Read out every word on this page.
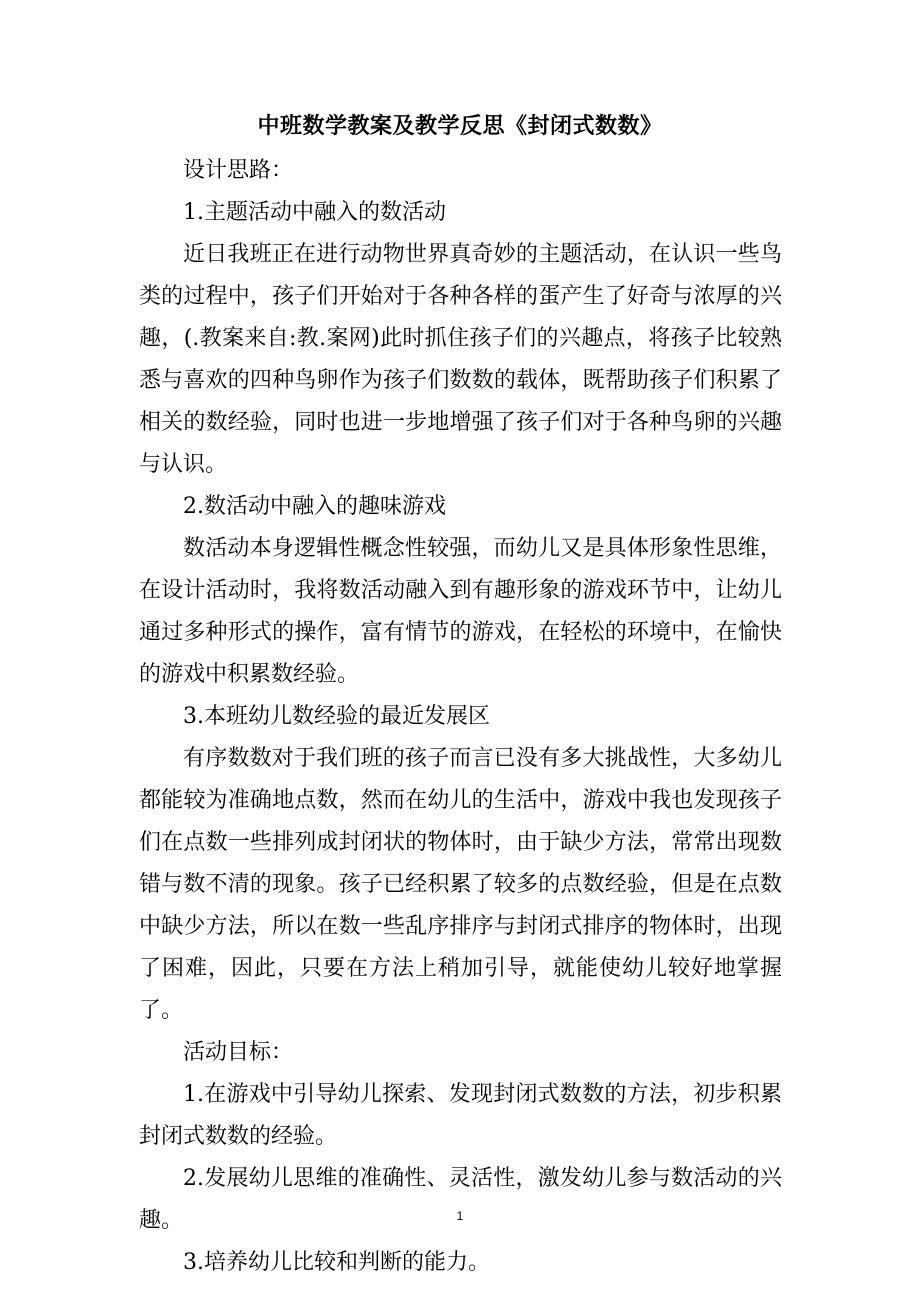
中班数学教案及教学反思《封闭式数数》

设计思路：

1.主题活动中融入的数活动

近日我班正在进行动物世界真奇妙的主题活动，在认识一些鸟类的过程中，孩子们开始对于各种各样的蛋产生了好奇与浓厚的兴趣，(.教案来自:教.案网)此时抓住孩子们的兴趣点，将孩子比较熟悉与喜欢的四种鸟卵作为孩子们数数的载体，既帮助孩子们积累了相关的数经验，同时也进一步地增强了孩子们对于各种鸟卵的兴趣与认识。

2.数活动中融入的趣味游戏

数活动本身逻辑性概念性较强，而幼儿又是具体形象性思维，在设计活动时，我将数活动融入到有趣形象的游戏环节中，让幼儿通过多种形式的操作，富有情节的游戏，在轻松的环境中，在愉快的游戏中积累数经验。

3.本班幼儿数经验的最近发展区

有序数数对于我们班的孩子而言已没有多大挑战性，大多幼儿都能较为准确地点数，然而在幼儿的生活中，游戏中我也发现孩子们在点数一些排列成封闭状的物体时，由于缺少方法，常常出现数错与数不清的现象。孩子已经积累了较多的点数经验，但是在点数中缺少方法，所以在数一些乱序排序与封闭式排序的物体时，出现了困难，因此，只要在方法上稍加引导，就能使幼儿较好地掌握了。

活动目标：

1.在游戏中引导幼儿探索、发现封闭式数数的方法，初步积累封闭式数数的经验。

2.发展幼儿思维的准确性、灵活性，激发幼儿参与数活动的兴趣。

3.培养幼儿比较和判断的能力。

1
